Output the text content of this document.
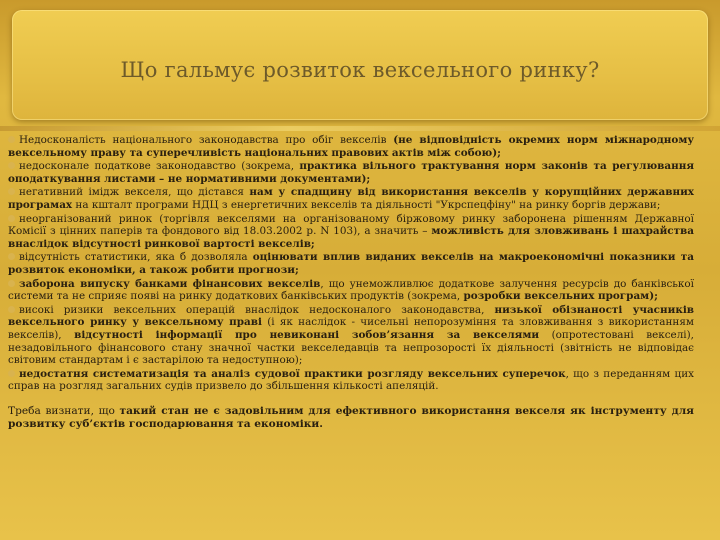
Що гальмує розвиток вексельного ринку?
Недосконалість національного законодавства про обіг векселів (не відповідність окремих норм міжнародному вексельному праву та суперечливість національних правових актів між собою);
недосконале податкове законодавство (зокрема, практика вільного трактування норм законів та регулювання оподаткування листами – не нормативними документами);
негативний імідж векселя, що дістався нам у спадщину від використання векселів у корупційних державних програмах на кшталт програми НДЦ з енергетичних векселів та діяльності "Укрспецфіну" на ринку боргів держави;
неорганізований ринок (торгівля векселями на організованому біржовому ринку заборонена рішенням Державної Комісії з цінних паперів та фондового від 18.03.2002 р. N 103), а значить – можливість для зловживань і шахрайства внаслідок відсутності ринкової вартості векселів;
відсутність статистики, яка б дозволяла оцінювати вплив виданих векселів на макроекономічні показники та розвиток економіки, а також робити прогнози;
заборона випуску банками фінансових векселів, що унеможливлює додаткове залучення ресурсів до банківської системи та не сприяє появі на ринку додаткових банківських продуктів (зокрема, розробки вексельних програм);
високі ризики вексельних операцій внаслідок недосконалого законодавства, низької обізнаності учасників вексельного ринку у вексельному праві (і як наслідок - чисельні непорозуміння та зловживання з використанням векселів), відсутності інформації про невиконані зобов’язання за векселями (опротестовані векселі), незадовільного фінансового стану значної частки векселедавців та непрозорості їх діяльності (звітність не відповідає світовим стандартам і є застарілою та недоступною);
недостатня систематизація та аналіз судової практики розгляду вексельних суперечок, що з переданням цих справ на розгляд загальних судів призвело до збільшення кількості апеляцій.
Треба визнати, що такий стан не є задовільним для ефективного використання векселя як інструменту для розвитку суб’єктів господарювання та економіки.
